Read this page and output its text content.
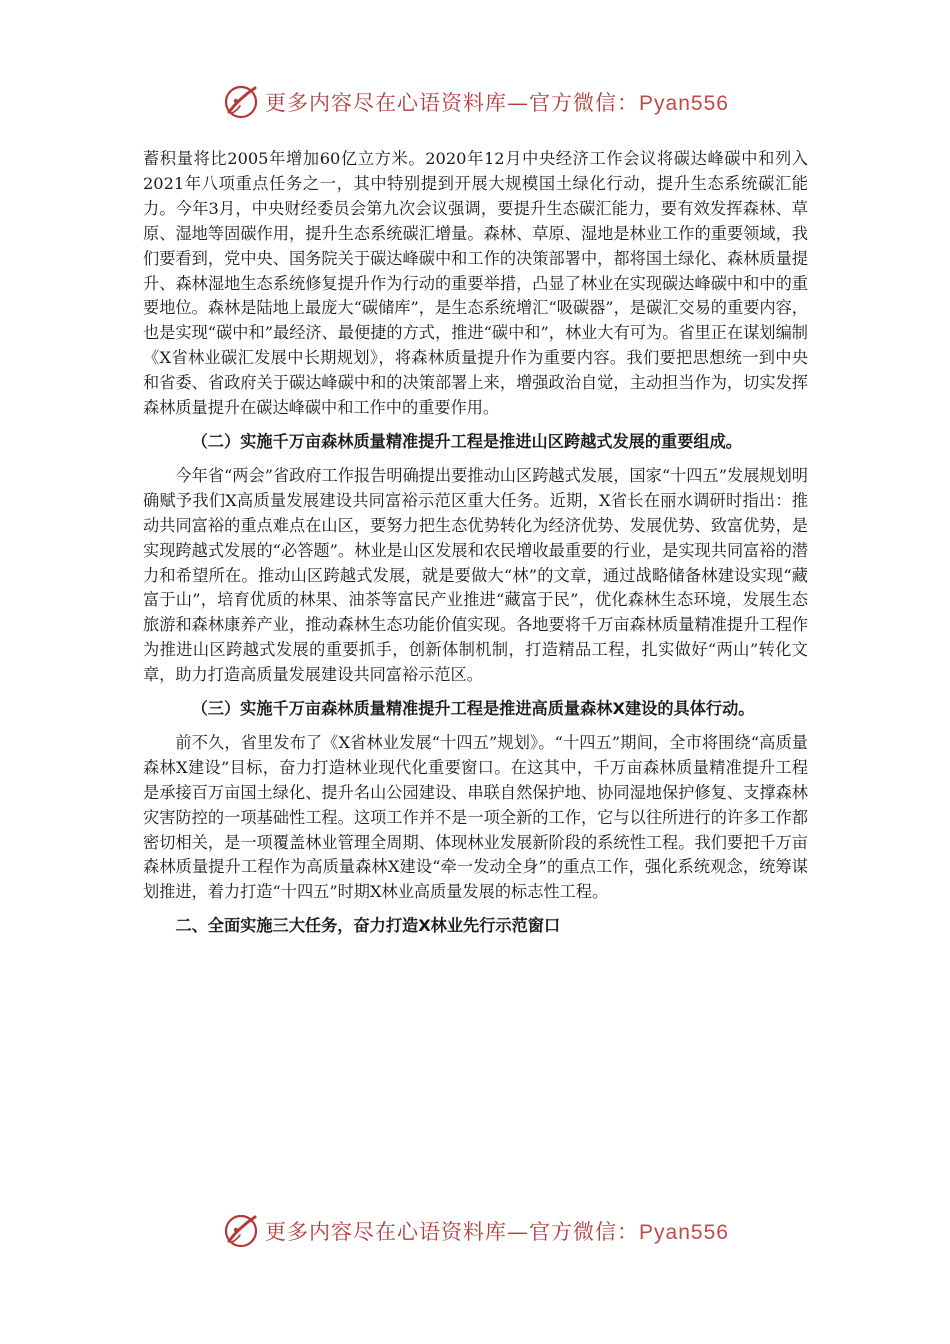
更多内容尽在心语资料库—官方微信：Pyan556

蓄积量将比2005年增加60亿立方米。2020年12月中央经济工作会议将碳达峰碳中和列入2021年八项重点任务之一，其中特别提到开展大规模国土绿化行动，提升生态系统碳汇能力。今年3月，中央财经委员会第九次会议强调，要提升生态碳汇能力，要有效发挥森林、草原、湿地等固碳作用，提升生态系统碳汇增量。森林、草原、湿地是林业工作的重要领域，我们要看到，党中央、国务院关于碳达峰碳中和工作的决策部署中，都将国土绿化、森林质量提升、森林湿地生态系统修复提升作为行动的重要举措，凸显了林业在实现碳达峰碳中和中的重要地位。森林是陆地上最庞大“碳储库”，是生态系统增汇“吸碳器”，是碳汇交易的重要内容，也是实现“碳中和”最经济、最便捷的方式，推进“碳中和”，林业大有可为。省里正在谋划编制《X省林业碳汇发展中长期规划》，将森林质量提升作为重要内容。我们要把思想统一到中央和省委、省政府关于碳达峰碳中和的决策部署上来，增强政治自觉，主动担当作为，切实发挥森林质量提升在碳达峰碳中和工作中的重要作用。

（二）实施千万亩森林质量精准提升工程是推进山区跨越式发展的重要组成。

今年省“两会”省政府工作报告明确提出要推动山区跨越式发展，国家“十四五”发展规划明确赋予我们X高质量发展建设共同富裕示范区重大任务。近期，X省长在丽水调研时指出：推动共同富裕的重点难点在山区，要努力把生态优势转化为经济优势、发展优势、致富优势，是实现跨越式发展的“必答题”。林业是山区发展和农民增收最重要的行业，是实现共同富裕的潜力和希望所在。推动山区跨越式发展，就是要做大“林”的文章，通过战略储备林建设实现“藏富于山”，培育优质的林果、油茶等富民产业推进“藏富于民”，优化森林生态环境，发展生态旅游和森林康养产业，推动森林生态功能价值实现。各地要将千万亩森林质量精准提升工程作为推进山区跨越式发展的重要抓手，创新体制机制，打造精品工程，扎实做好“两山”转化文章，助力打造高质量发展建设共同富裕示范区。

（三）实施千万亩森林质量精准提升工程是推进高质量森林X建设的具体行动。

前不久，省里发布了《X省林业发展“十四五”规划》。“十四五”期间，全市将围绕“高质量森林X建设”目标，奋力打造林业现代化重要窗口。在这其中，千万亩森林质量精准提升工程是承接百万亩国土绿化、提升名山公园建设、串联自然保护地、协同湿地保护修复、支撑森林灾害防控的一项基础性工程。这项工作并不是一项全新的工作，它与以往所进行的许多工作都密切相关，是一项覆盖林业管理全周期、体现林业发展新阶段的系统性工程。我们要把千万亩森林质量提升工程作为高质量森林X建设“牵一发动全身”的重点工作，强化系统观念，统筹谋划推进，着力打造“十四五”时期X林业高质量发展的标志性工程。

二、全面实施三大任务，奋力打造X林业先行示范窗口

更多内容尽在心语资料库—官方微信：Pyan556
